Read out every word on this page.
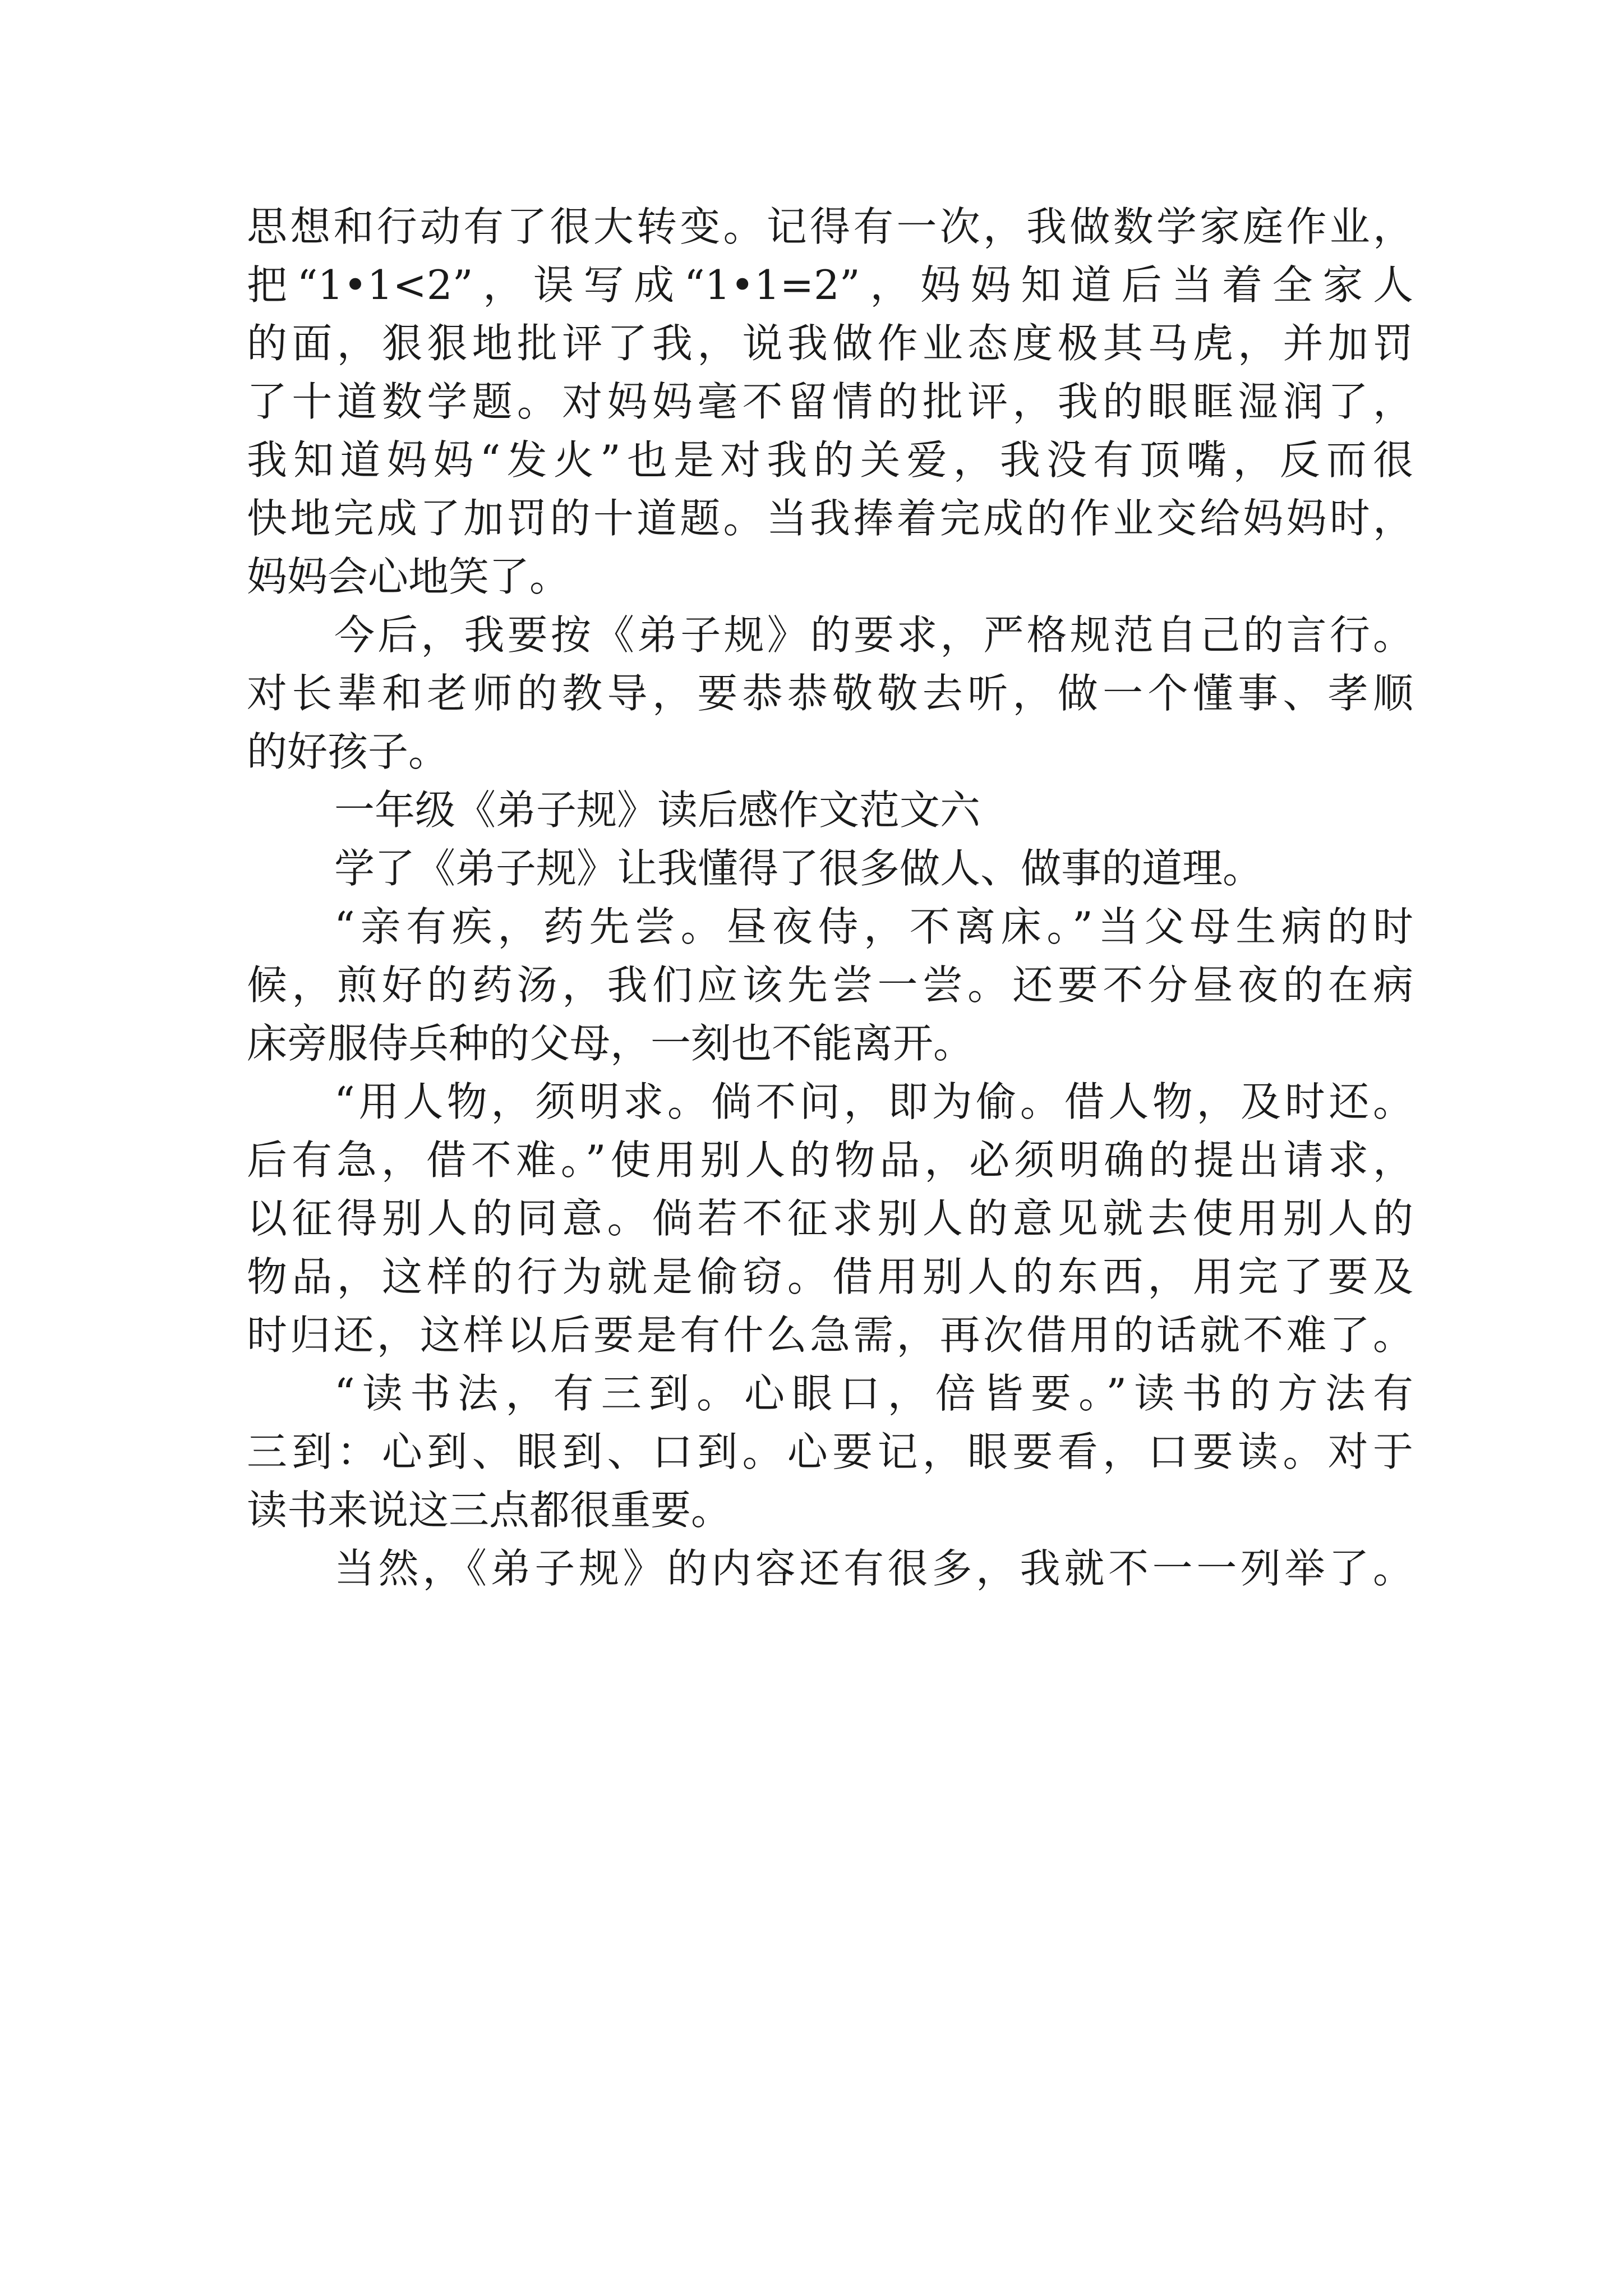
思想和行动有了很大转变。记得有一次，我做数学家庭作业，
把“1•1<2”，误写成“1•1=2”，妈妈知道后当着全家人
的面，狠狠地批评了我，说我做作业态度极其马虎，并加罚
了十道数学题。对妈妈毫不留情的批评，我的眼眶湿润了，
我知道妈妈“发火”也是对我的关爱，我没有顶嘴，反而很
快地完成了加罚的十道题。当我捧着完成的作业交给妈妈时，
妈妈会心地笑了。
今后，我要按《弟子规》的要求，严格规范自己的言行。
对长辈和老师的教导，要恭恭敬敬去听，做一个懂事、孝顺
的好孩子。
一年级《弟子规》读后感作文范文六
学了《弟子规》让我懂得了很多做人、做事的道理。
“亲有疾，药先尝。昼夜侍，不离床。”当父母生病的时
候，煎好的药汤，我们应该先尝一尝。还要不分昼夜的在病
床旁服侍兵种的父母，一刻也不能离开。
“用人物，须明求。倘不问，即为偷。借人物，及时还。
后有急，借不难。”使用别人的物品，必须明确的提出请求，
以征得别人的同意。倘若不征求别人的意见就去使用别人的
物品，这样的行为就是偷窃。借用别人的东西，用完了要及
时归还，这样以后要是有什么急需，再次借用的话就不难了。
“读书法，有三到。心眼口，倍皆要。”读书的方法有
三到：心到、眼到、口到。心要记，眼要看，口要读。对于
读书来说这三点都很重要。
当然，《弟子规》的内容还有很多，我就不一一列举了。
